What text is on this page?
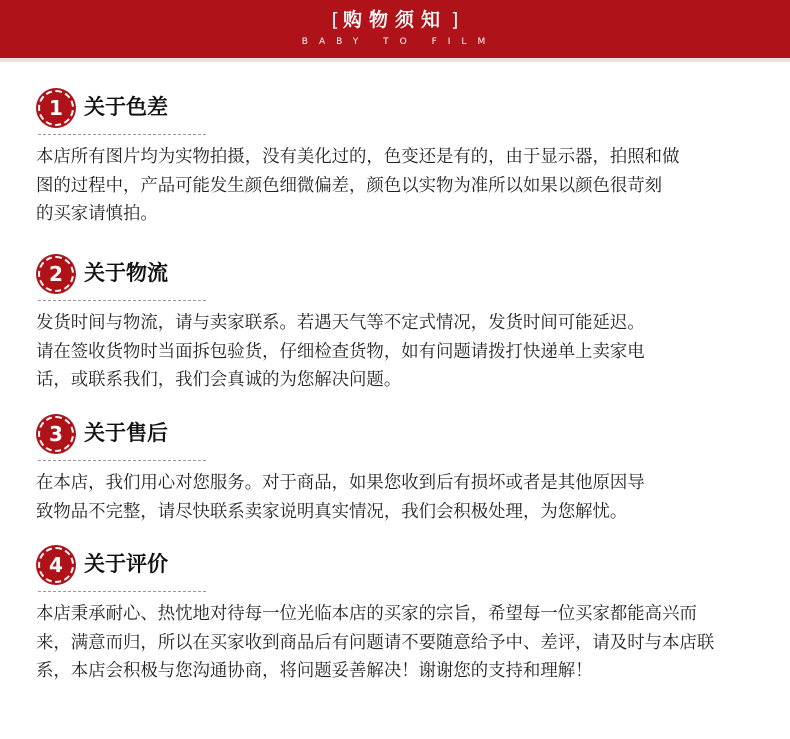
[ 购物须知 ]
BABY TO FILM
1	关于色差
本店所有图片均为实物拍摄，没有美化过的，色变还是有的，由于显示器，拍照和做
图的过程中，产品可能发生颜色细微偏差，颜色以实物为准所以如果以颜色很苛刻
的买家请慎拍。
2	关于物流
发货时间与物流，请与卖家联系。若遇天气等不定式情况，发货时间可能延迟。
请在签收货物时当面拆包验货，仔细检查货物，如有问题请拨打快递单上卖家电
话，或联系我们，我们会真诚的为您解决问题。
3	关于售后
在本店，我们用心对您服务。对于商品，如果您收到后有损坏或者是其他原因导
致物品不完整，请尽快联系卖家说明真实情况，我们会积极处理，为您解忧。
4	关于评价
本店秉承耐心、热忱地对待每一位光临本店的买家的宗旨，希望每一位买家都能高兴而
来，满意而归，所以在买家收到商品后有问题请不要随意给予中、差评，请及时与本店联
系，本店会积极与您沟通协商，将问题妥善解决！谢谢您的支持和理解！
